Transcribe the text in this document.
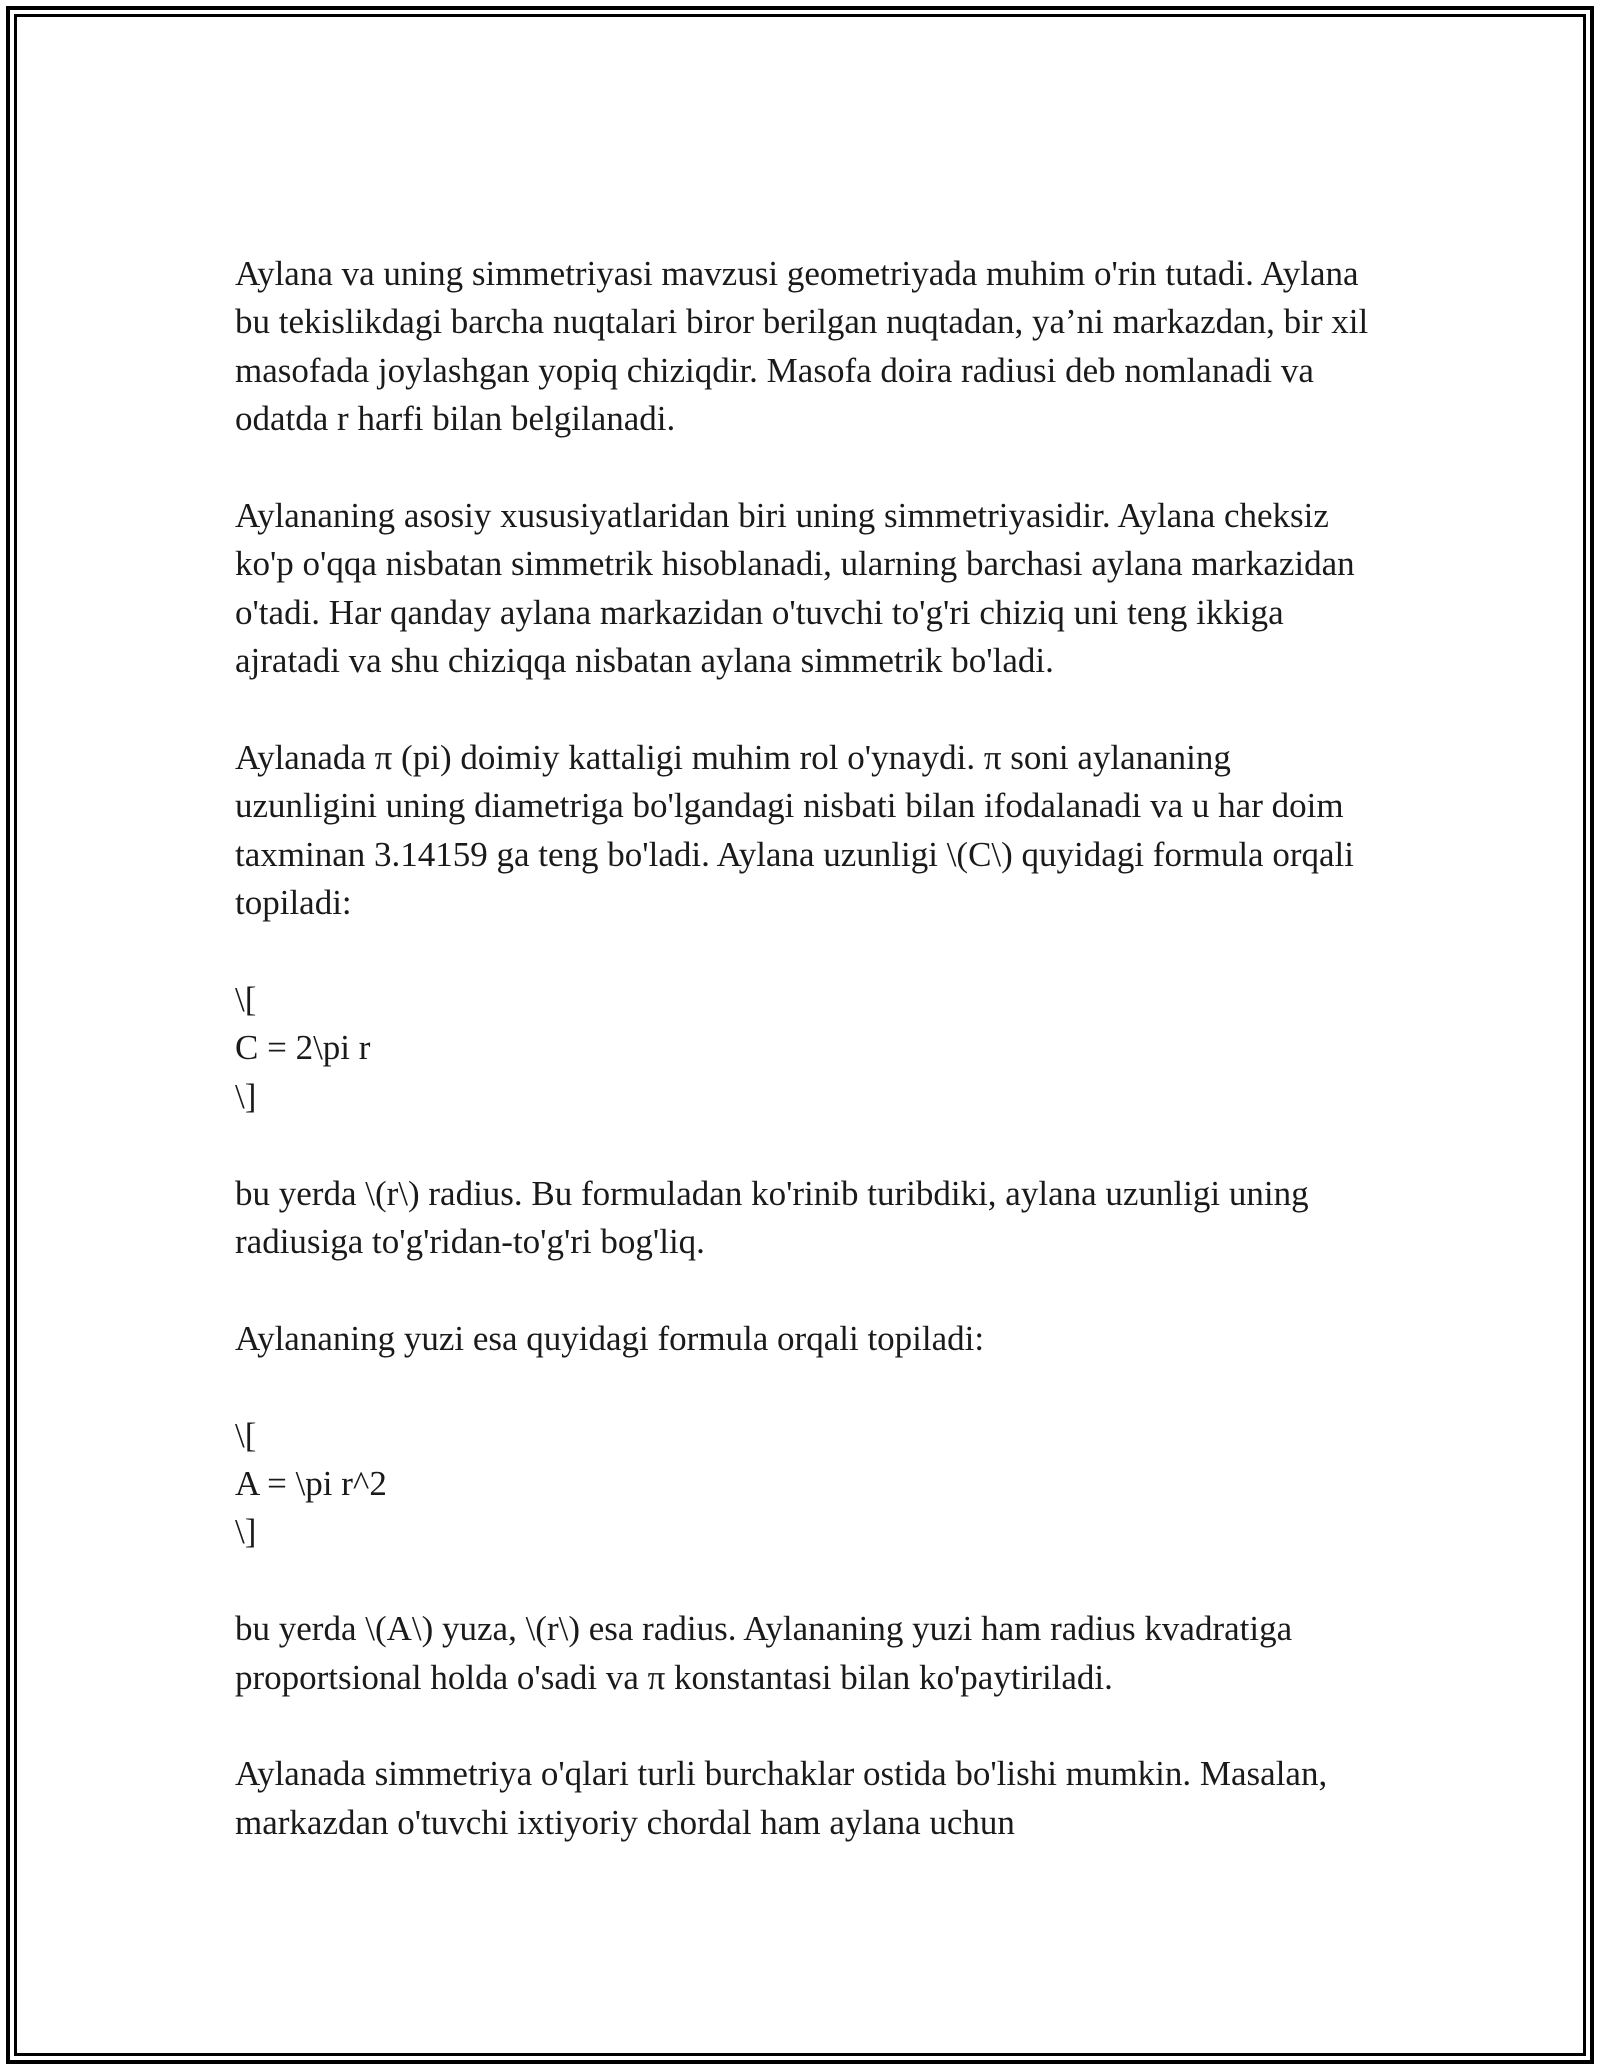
Aylana va uning simmetriyasi mavzusi geometriyada muhim o'rin tutadi. Aylana bu tekislikdagi barcha nuqtalari biror berilgan nuqtadan, ya’ni markazdan, bir xil masofada joylashgan yopiq chiziqdir. Masofa doira radiusi deb nomlanadi va odatda r harfi bilan belgilanadi.

Aylananing asosiy xususiyatlaridan biri uning simmetriyasidir. Aylana cheksiz ko'p o'qqa nisbatan simmetrik hisoblanadi, ularning barchasi aylana markazidan o'tadi. Har qanday aylana markazidan o'tuvchi to'g'ri chiziq uni teng ikkiga ajratadi va shu chiziqqa nisbatan aylana simmetrik bo'ladi.

Aylanada π (pi) doimiy kattaligi muhim rol o'ynaydi. π soni aylananing uzunligini uning diametriga bo'lgandagi nisbati bilan ifodalanadi va u har doim taxminan 3.14159 ga teng bo'ladi. Aylana uzunligi \(C\) quyidagi formula orqali topiladi:

\[
C = 2\pi r
\]

bu yerda \(r\) radius. Bu formuladan ko'rinib turibdiki, aylana uzunligi uning radiusiga to'g'ridan-to'g'ri bog'liq.

Aylananing yuzi esa quyidagi formula orqali topiladi:

\[
A = \pi r^2
\]

bu yerda \(A\) yuza, \(r\) esa radius. Aylananing yuzi ham radius kvadratiga proportsional holda o'sadi va π konstantasi bilan ko'paytiriladi.

Aylanada simmetriya o'qlari turli burchaklar ostida bo'lishi mumkin. Masalan, markazdan o'tuvchi ixtiyoriy chordal ham aylana uchun
